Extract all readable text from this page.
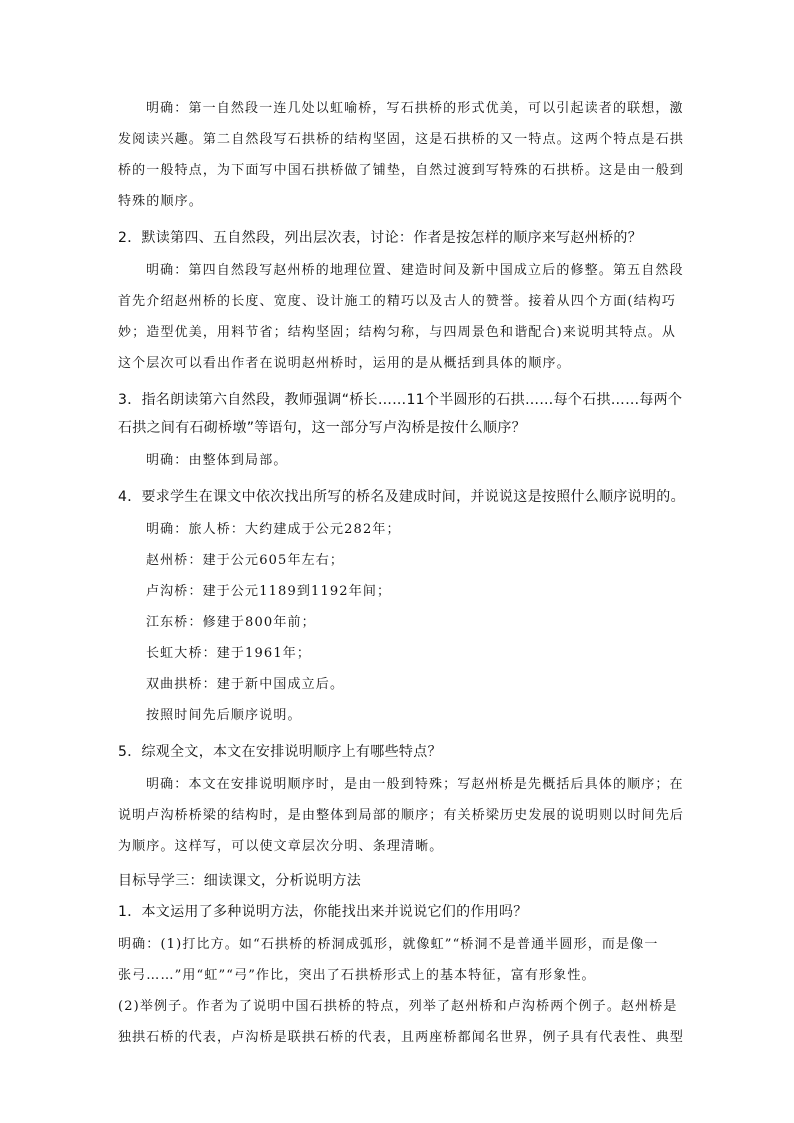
明确：第一自然段一连几处以虹喻桥，写石拱桥的形式优美，可以引起读者的联想，激
发阅读兴趣。第二自然段写石拱桥的结构坚固，这是石拱桥的又一特点。这两个特点是石拱
桥的一般特点，为下面写中国石拱桥做了铺垫，自然过渡到写特殊的石拱桥。这是由一般到
特殊的顺序。
2．默读第四、五自然段，列出层次表，讨论：作者是按怎样的顺序来写赵州桥的？
明确：第四自然段写赵州桥的地理位置、建造时间及新中国成立后的修整。第五自然段
首先介绍赵州桥的长度、宽度、设计施工的精巧以及古人的赞誉。接着从四个方面(结构巧
妙；造型优美，用料节省；结构坚固；结构匀称，与四周景色和谐配合)来说明其特点。从
这个层次可以看出作者在说明赵州桥时，运用的是从概括到具体的顺序。
3．指名朗读第六自然段，教师强调“桥长……11个半圆形的石拱……每个石拱……每两个
石拱之间有石砌桥墩”等语句，这一部分写卢沟桥是按什么顺序？
明确：由整体到局部。
4．要求学生在课文中依次找出所写的桥名及建成时间，并说说这是按照什么顺序说明的。
明确：旅人桥：大约建成于公元282年；
赵州桥：建于公元605年左右；
卢沟桥：建于公元1189到1192年间；
江东桥：修建于800年前；
长虹大桥：建于1961年；
双曲拱桥：建于新中国成立后。
按照时间先后顺序说明。
5．综观全文，本文在安排说明顺序上有哪些特点？
明确：本文在安排说明顺序时，是由一般到特殊；写赵州桥是先概括后具体的顺序；在
说明卢沟桥桥梁的结构时，是由整体到局部的顺序；有关桥梁历史发展的说明则以时间先后
为顺序。这样写，可以使文章层次分明、条理清晰。
目标导学三：细读课文，分析说明方法
1．本文运用了多种说明方法，你能找出来并说说它们的作用吗？
明确：(1)打比方。如“石拱桥的桥洞成弧形，就像虹”“桥洞不是普通半圆形，而是像一
张弓……”用“虹”“弓”作比，突出了石拱桥形式上的基本特征，富有形象性。
(2)举例子。作者为了说明中国石拱桥的特点，列举了赵州桥和卢沟桥两个例子。赵州桥是
独拱石桥的代表，卢沟桥是联拱石桥的代表，且两座桥都闻名世界，例子具有代表性、典型
